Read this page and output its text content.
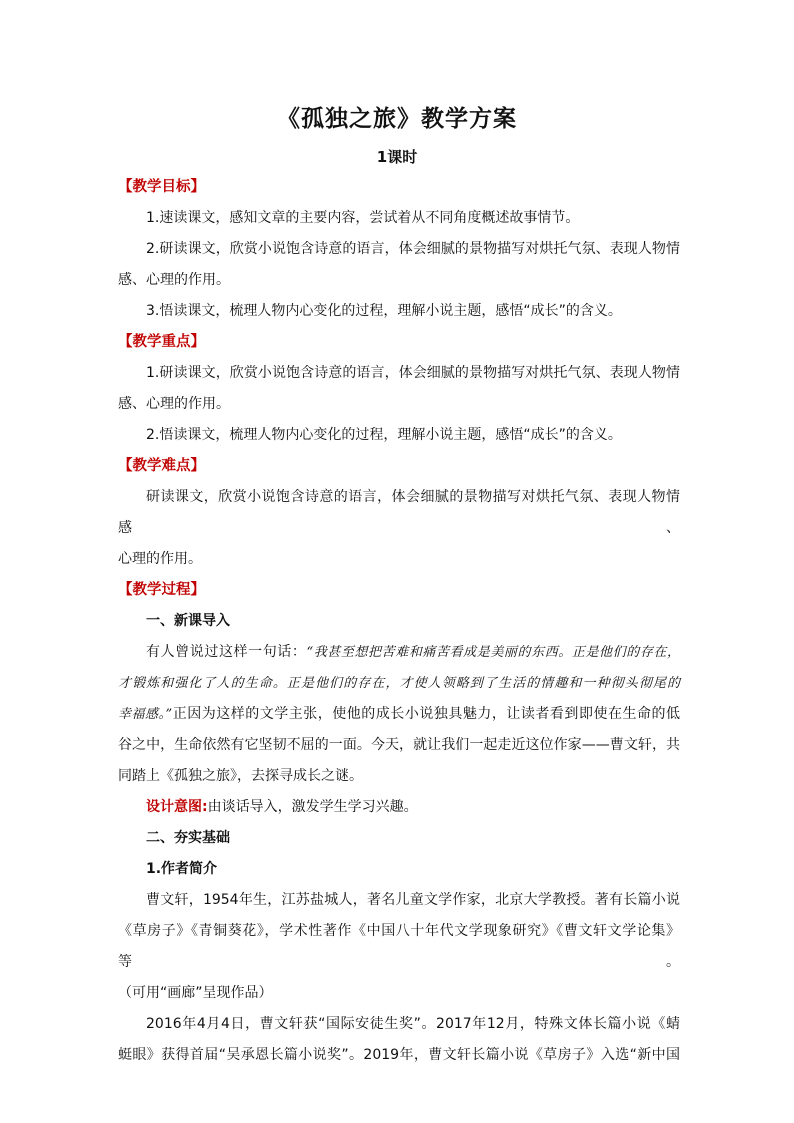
《孤独之旅》教学方案
1课时

【教学目标】

1.速读课文，感知文章的主要内容，尝试着从不同角度概述故事情节。

2.研读课文，欣赏小说饱含诗意的语言，体会细腻的景物描写对烘托气氛、表现人物情

感、心理的作用。

3.悟读课文，梳理人物内心变化的过程，理解小说主题，感悟“成长”的含义。

【教学重点】

1.研读课文，欣赏小说饱含诗意的语言，体会细腻的景物描写对烘托气氛、表现人物情

感、心理的作用。

2.悟读课文，梳理人物内心变化的过程，理解小说主题，感悟“成长”的含义。

【教学难点】

研读课文，欣赏小说饱含诗意的语言，体会细腻的景物描写对烘托气氛、表现人物情感、

心理的作用。

【教学过程】

一、新课导入

有人曾说过这样一句话：“我甚至想把苦难和痛苦看成是美丽的东西。正是他们的存在，

才锻炼和强化了人的生命。正是他们的存在，才使人领略到了生活的情趣和一种彻头彻尾的

幸福感。”正因为这样的文学主张，使他的成长小说独具魅力，让读者看到即使在生命的低

谷之中，生命依然有它坚韧不屈的一面。今天，就让我们一起走近这位作家——曹文轩，共

同踏上《孤独之旅》，去探寻成长之谜。

设计意图:由谈话导入，激发学生学习兴趣。

二、夯实基础

1.作者简介

曹文轩，1954年生，江苏盐城人，著名儿童文学作家，北京大学教授。著有长篇小说

《草房子》《青铜葵花》，学术性著作《中国八十年代文学现象研究》《曹文轩文学论集》等。

（可用“画廊”呈现作品）

2016年4月4日，曹文轩获“国际安徒生奖”。2017年12月，特殊文体长篇小说《蜻

蜓眼》获得首届“吴承恩长篇小说奖”。2019年，曹文轩长篇小说《草房子》入选“新中国
